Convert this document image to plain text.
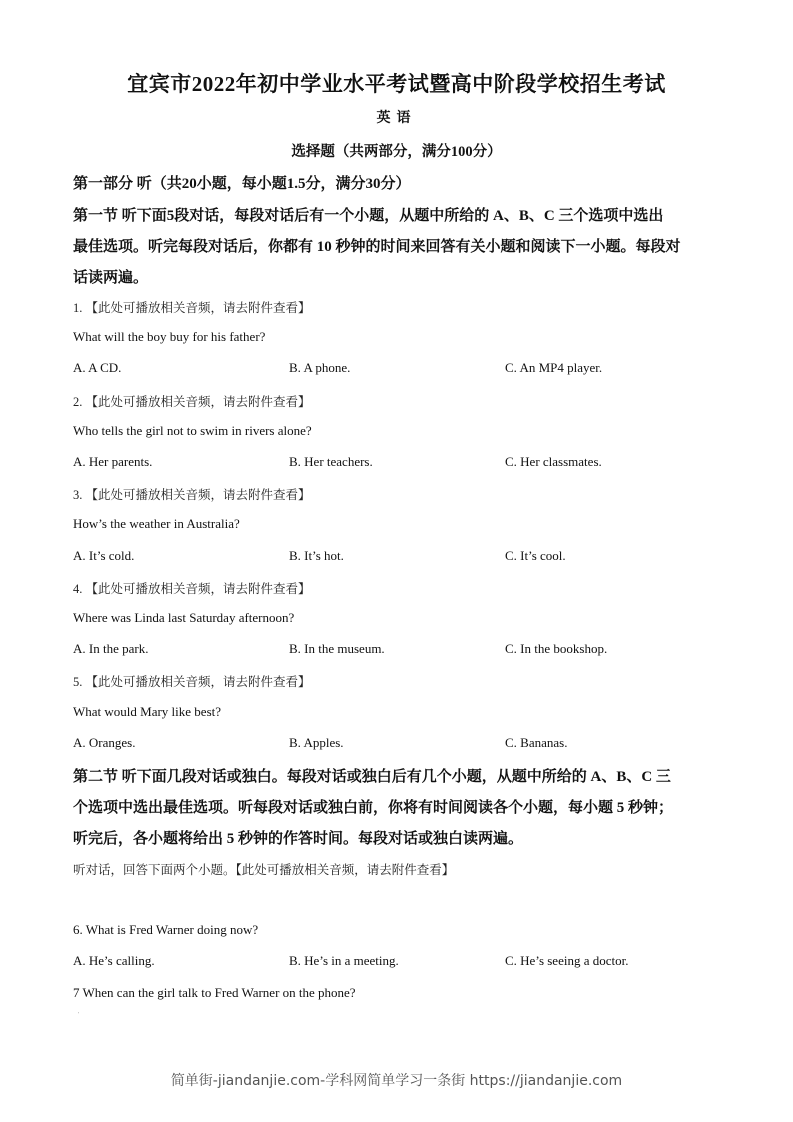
宜宾市2022年初中学业水平考试暨高中阶段学校招生考试
英语
选择题（共两部分，满分100分）
第一部分 听（共20小题，每小题1.5分，满分30分）
第一节 听下面5段对话，每段对话后有一个小题，从题中所给的 A、B、C 三个选项中选出
最佳选项。听完每段对话后，你都有 10 秒钟的时间来回答有关小题和阅读下一小题。每段对
话读两遍。
1. 【此处可播放相关音频，请去附件查看】
What will the boy buy for his father?
A. A CD.	B. A phone.	C. An MP4 player.
2. 【此处可播放相关音频，请去附件查看】
Who tells the girl not to swim in rivers alone?
A. Her parents.	B. Her teachers.	C. Her classmates.
3. 【此处可播放相关音频，请去附件查看】
How’s the weather in Australia?
A. It’s cold.	B. It’s hot.	C. It’s cool.
4. 【此处可播放相关音频，请去附件查看】
Where was Linda last Saturday afternoon?
A. In the park.	B. In the museum.	C. In the bookshop.
5. 【此处可播放相关音频，请去附件查看】
What would Mary like best?
A. Oranges.	B. Apples.	C. Bananas.
第二节 听下面几段对话或独白。每段对话或独白后有几个小题，从题中所给的 A、B、C 三
个选项中选出最佳选项。听每段对话或独白前，你将有时间阅读各个小题，每小题 5 秒钟；
听完后，各小题将给出 5 秒钟的作答时间。每段对话或独白读两遍。
听对话，回答下面两个小题。【此处可播放相关音频，请去附件查看】
6. What is Fred Warner doing now?
A. He’s calling.	B. He’s in a meeting.	C. He’s seeing a doctor.
7 When can the girl talk to Fred Warner on the phone?
'
简单街-jiandanjie.com-学科网简单学习一条街 https://jiandanjie.com
